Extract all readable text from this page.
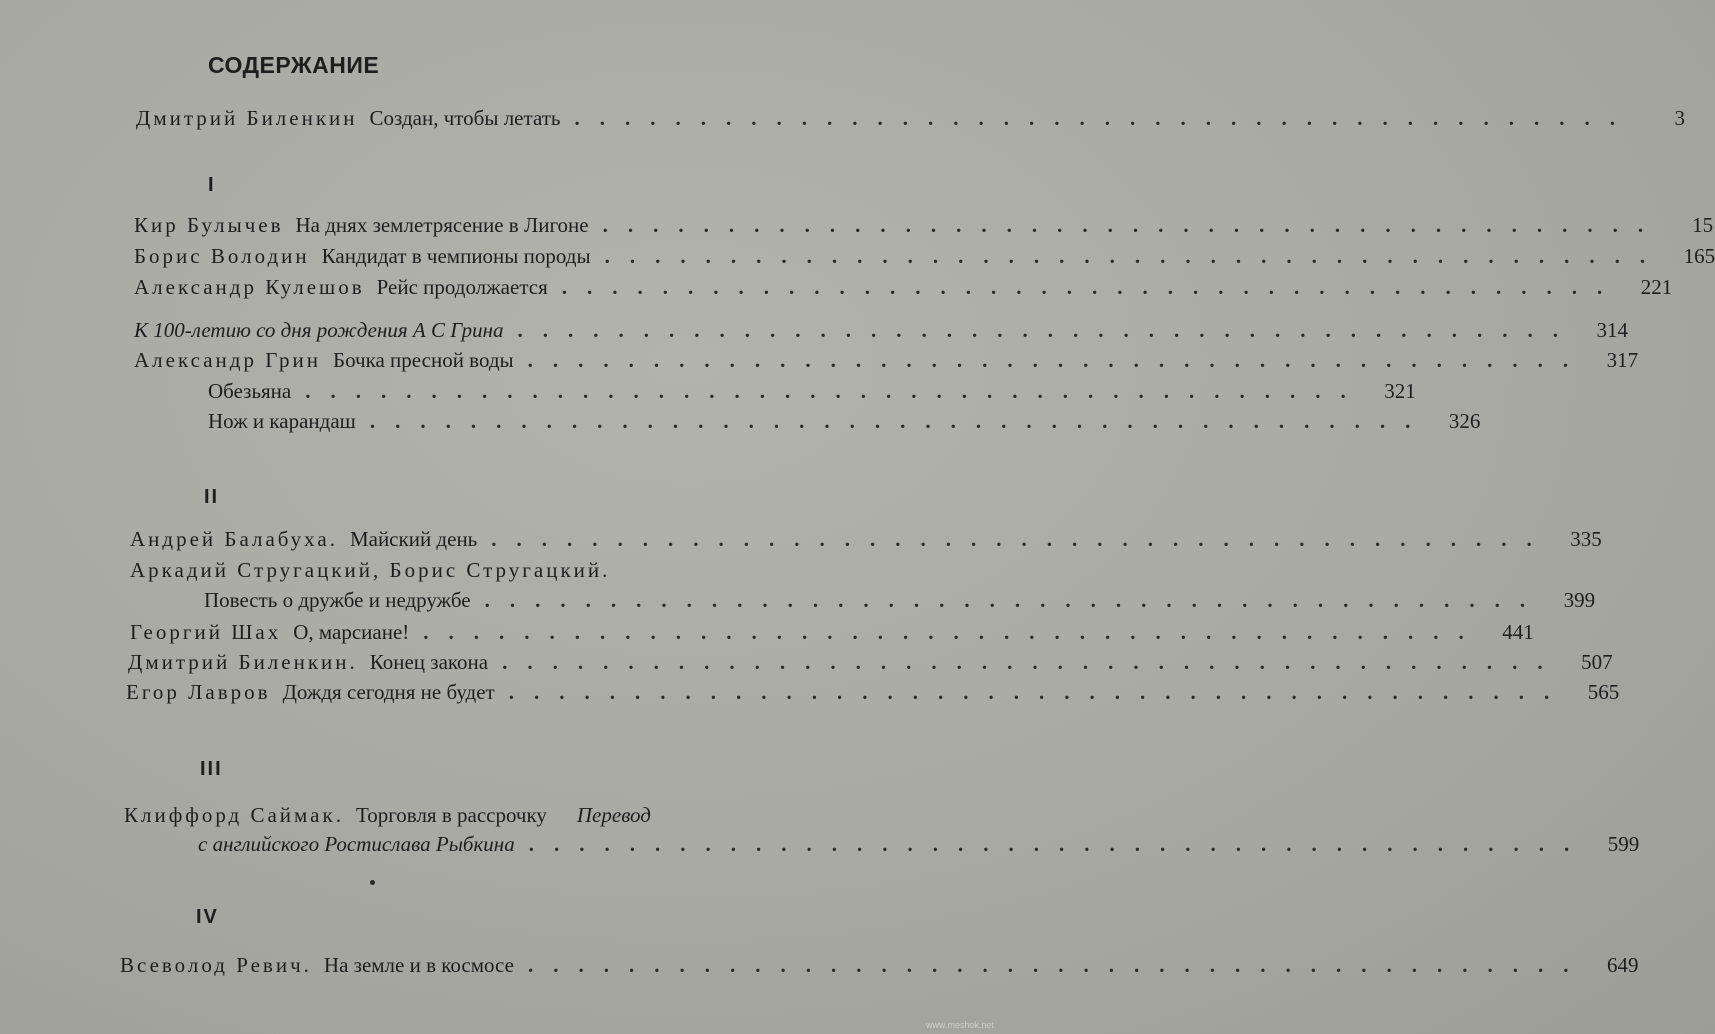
СОДЕРЖАНИЕ
Дмитрий Биленкин Создан, чтобы летать ..........................................	3
I
Кир Булычев На днях землетрясение в Лигоне ..........................................	15
Борис Володин Кандидат в чемпионы породы .......................................... 165
Александр Кулешов Рейс продолжается .......................................... 221
К 100-летию со дня рождения А С Грина .......................................... 314
Александр Грин Бочка пресной воды .......................................... 317
Обезьяна .......................................... 321
Нож и карандаш .......................................... 326
II
Андрей Балабуха. Майский день .......................................... 335
Аркадий Стругацкий, Борис Стругацкий.
Повесть о дружбе и недружбе .......................................... 399
Георгий Шах О, марсиане! .......................................... 441
Дмитрий Биленкин. Конец закона .......................................... 507
Егор Лавров Дождя сегодня не будет .......................................... 565
III
Клиффорд Саймак. Торговля в рассрочку Перевод
с английского Ростислава Рыбкина .......................................... 599
IV
Всеволод Ревич. На земле и в космосе .......................................... 649
www.meshok.net
